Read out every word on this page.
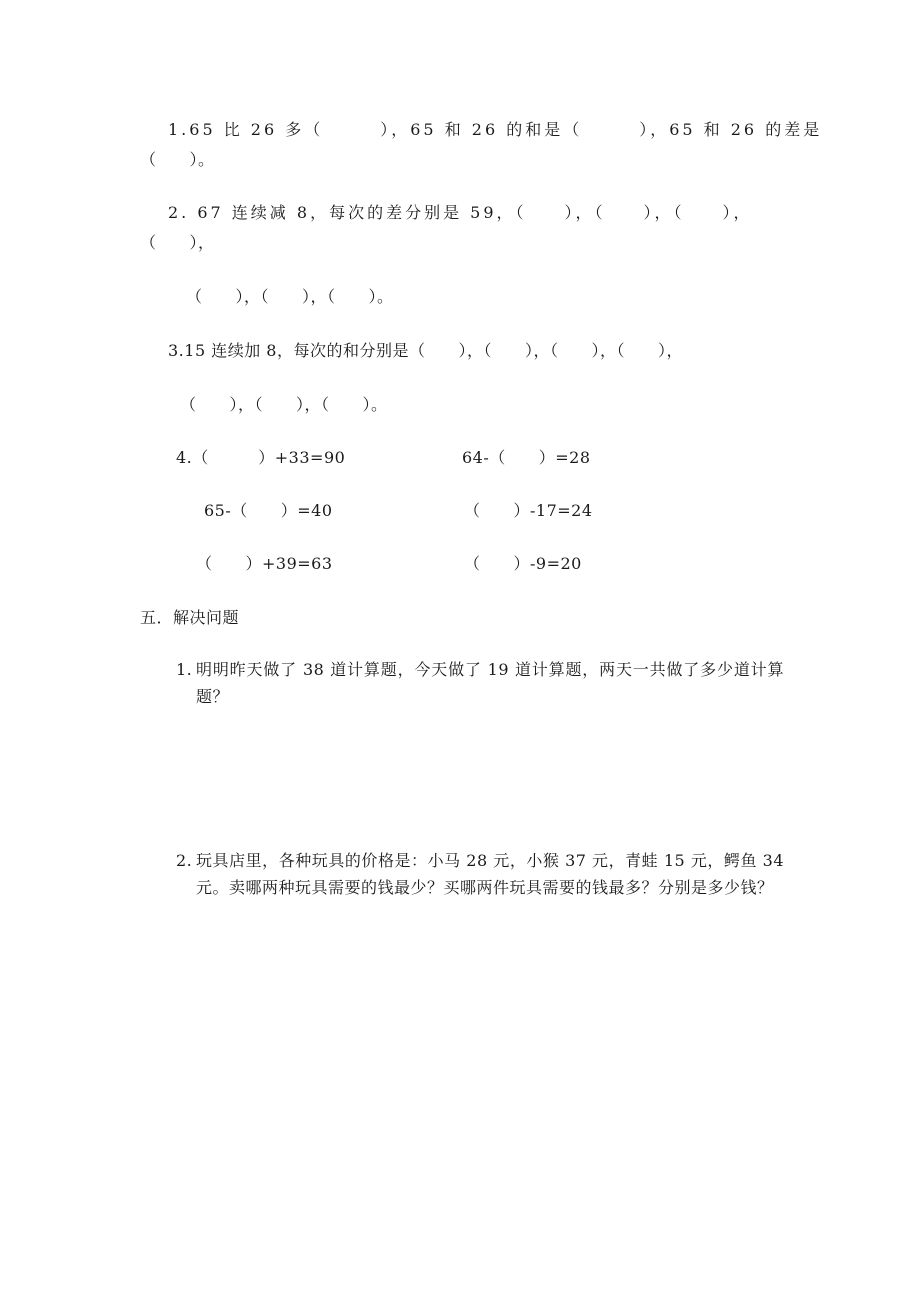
1.65 比 26 多（　　　），65 和 26 的和是（　　　），65 和 26 的差是
（　　）。
2. 67 连续减 8，每次的差分别是 59，（　　），（　　），（　　），
（　　），
（　　），（　　），（　　）。
3.15 连续加 8，每次的和分别是（　　），（　　），（　　），（　　），
（　　），（　　），（　　）。
4.（　　　）+33=90	64-（　　）=28
65-（　　）=40	（　　）-17=24
（　　）+39=63	（　　）-9=20
五．解决问题
1. 明明昨天做了 38 道计算题，今天做了 19 道计算题，两天一共做了多少道计算题？
2. 玩具店里，各种玩具的价格是：小马 28 元，小猴 37 元，青蛙 15 元，鳄鱼 34 元。卖哪两种玩具需要的钱最少？买哪两件玩具需要的钱最多？分别是多少钱？
